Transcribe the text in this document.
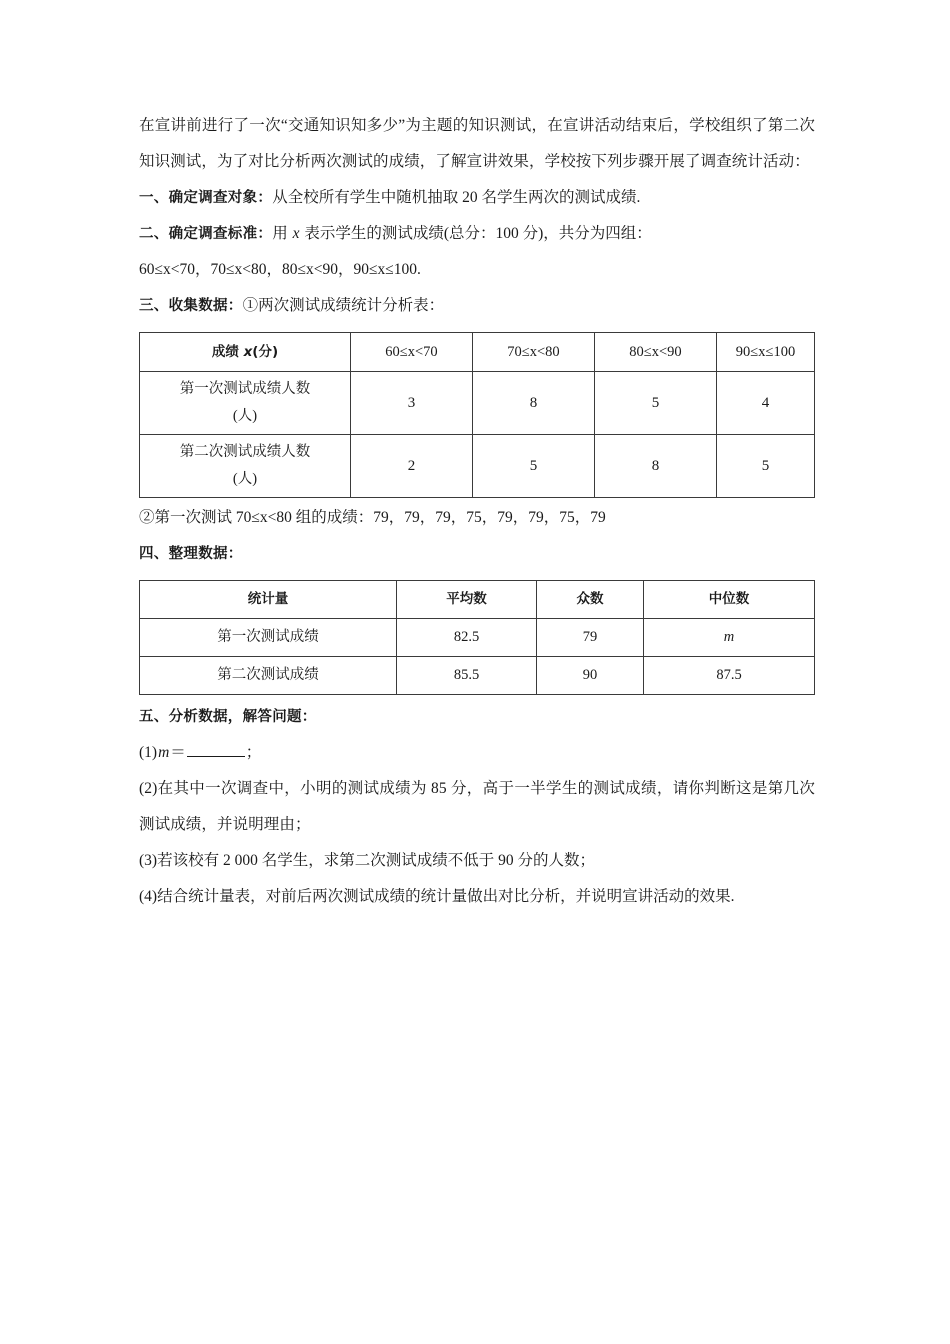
在宣讲前进行了一次“交通知识知多少”为主题的知识测试，在宣讲活动结束后，学校组织了第二次知识测试，为了对比分析两次测试的成绩，了解宣讲效果，学校按下列步骤开展了调查统计活动：
一、确定调查对象：从全校所有学生中随机抽取 20 名学生两次的测试成绩.
二、确定调查标准：用 x 表示学生的测试成绩(总分：100 分)，共分为四组：
60≤x<70，70≤x<80，80≤x<90，90≤x≤100.
三、收集数据：①两次测试成绩统计分析表：
成绩 x(分)	60≤x<70	70≤x<80	80≤x<90	90≤x≤100
第一次测试成绩人数
(人)	3	8	5	4
第二次测试成绩人数
(人)	2	5	8	5
②第一次测试 70≤x<80 组的成绩：79，79，79，75，79，79，75，79
四、整理数据：
统计量	平均数	众数	中位数
第一次测试成绩	82.5	79	m
第二次测试成绩	85.5	90	87.5
五、分析数据，解答问题：
(1)m＝	；
(2)在其中一次调查中，小明的测试成绩为 85 分，高于一半学生的测试成绩，请你判断这是第几次测试成绩，并说明理由；
(3)若该校有 2 000 名学生，求第二次测试成绩不低于 90 分的人数；
(4)结合统计量表，对前后两次测试成绩的统计量做出对比分析，并说明宣讲活动的效果.
